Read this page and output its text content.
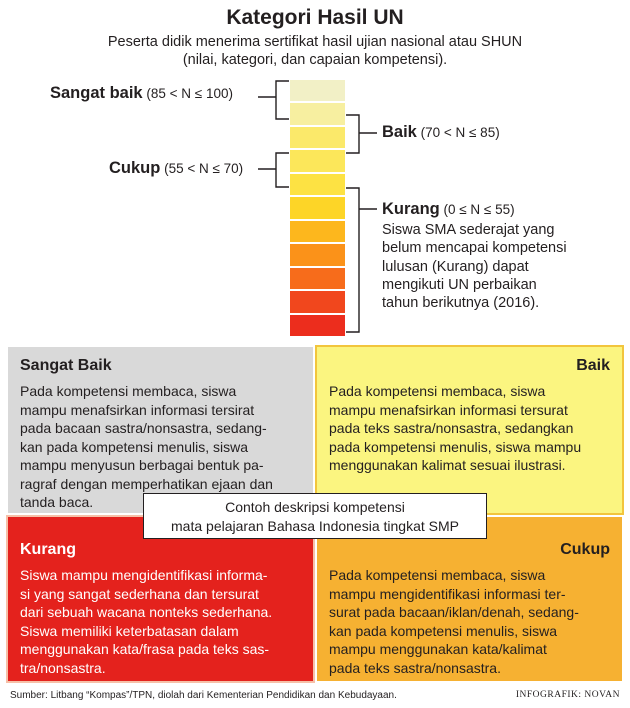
Kategori Hasil UN
Peserta didik menerima sertifikat hasil ujian nasional atau SHUN
(nilai, kategori, dan capaian kompetensi).
Sangat baik (85 < N ≤ 100)
Baik (70 < N ≤ 85)
Cukup (55 < N ≤ 70)
Kurang (0 ≤ N ≤ 55)
Siswa SMA sederajat yang
belum mencapai kompetensi
lulusan (Kurang) dapat
mengikuti UN perbaikan
tahun berikutnya (2016).
Sangat Baik
Pada kompetensi membaca, siswa
mampu menafsirkan informasi tersirat
pada bacaan sastra/nonsastra, sedang-
kan pada kompetensi menulis, siswa
mampu menyusun berbagai bentuk pa-
ragraf dengan memperhatikan ejaan dan
tanda baca.
Baik
Pada kompetensi membaca, siswa
mampu menafsirkan informasi tersurat
pada teks sastra/nonsastra, sedangkan
pada kompetensi menulis, siswa mampu
menggunakan kalimat sesuai ilustrasi.
Kurang
Siswa mampu mengidentifikasi informa-
si yang sangat sederhana dan tersurat
dari sebuah wacana nonteks sederhana.
Siswa memiliki keterbatasan dalam
menggunakan kata/frasa pada teks sas-
tra/nonsastra.
Cukup
Pada kompetensi membaca, siswa
mampu mengidentifikasi informasi ter-
surat pada bacaan/iklan/denah, sedang-
kan pada kompetensi menulis, siswa
mampu menggunakan kata/kalimat
pada teks sastra/nonsastra.
Contoh deskripsi kompetensi
mata pelajaran Bahasa Indonesia tingkat SMP
Sumber: Litbang “Kompas”/TPN, diolah dari Kementerian Pendidikan dan Kebudayaan.	INFOGRAFIK: NOVAN
